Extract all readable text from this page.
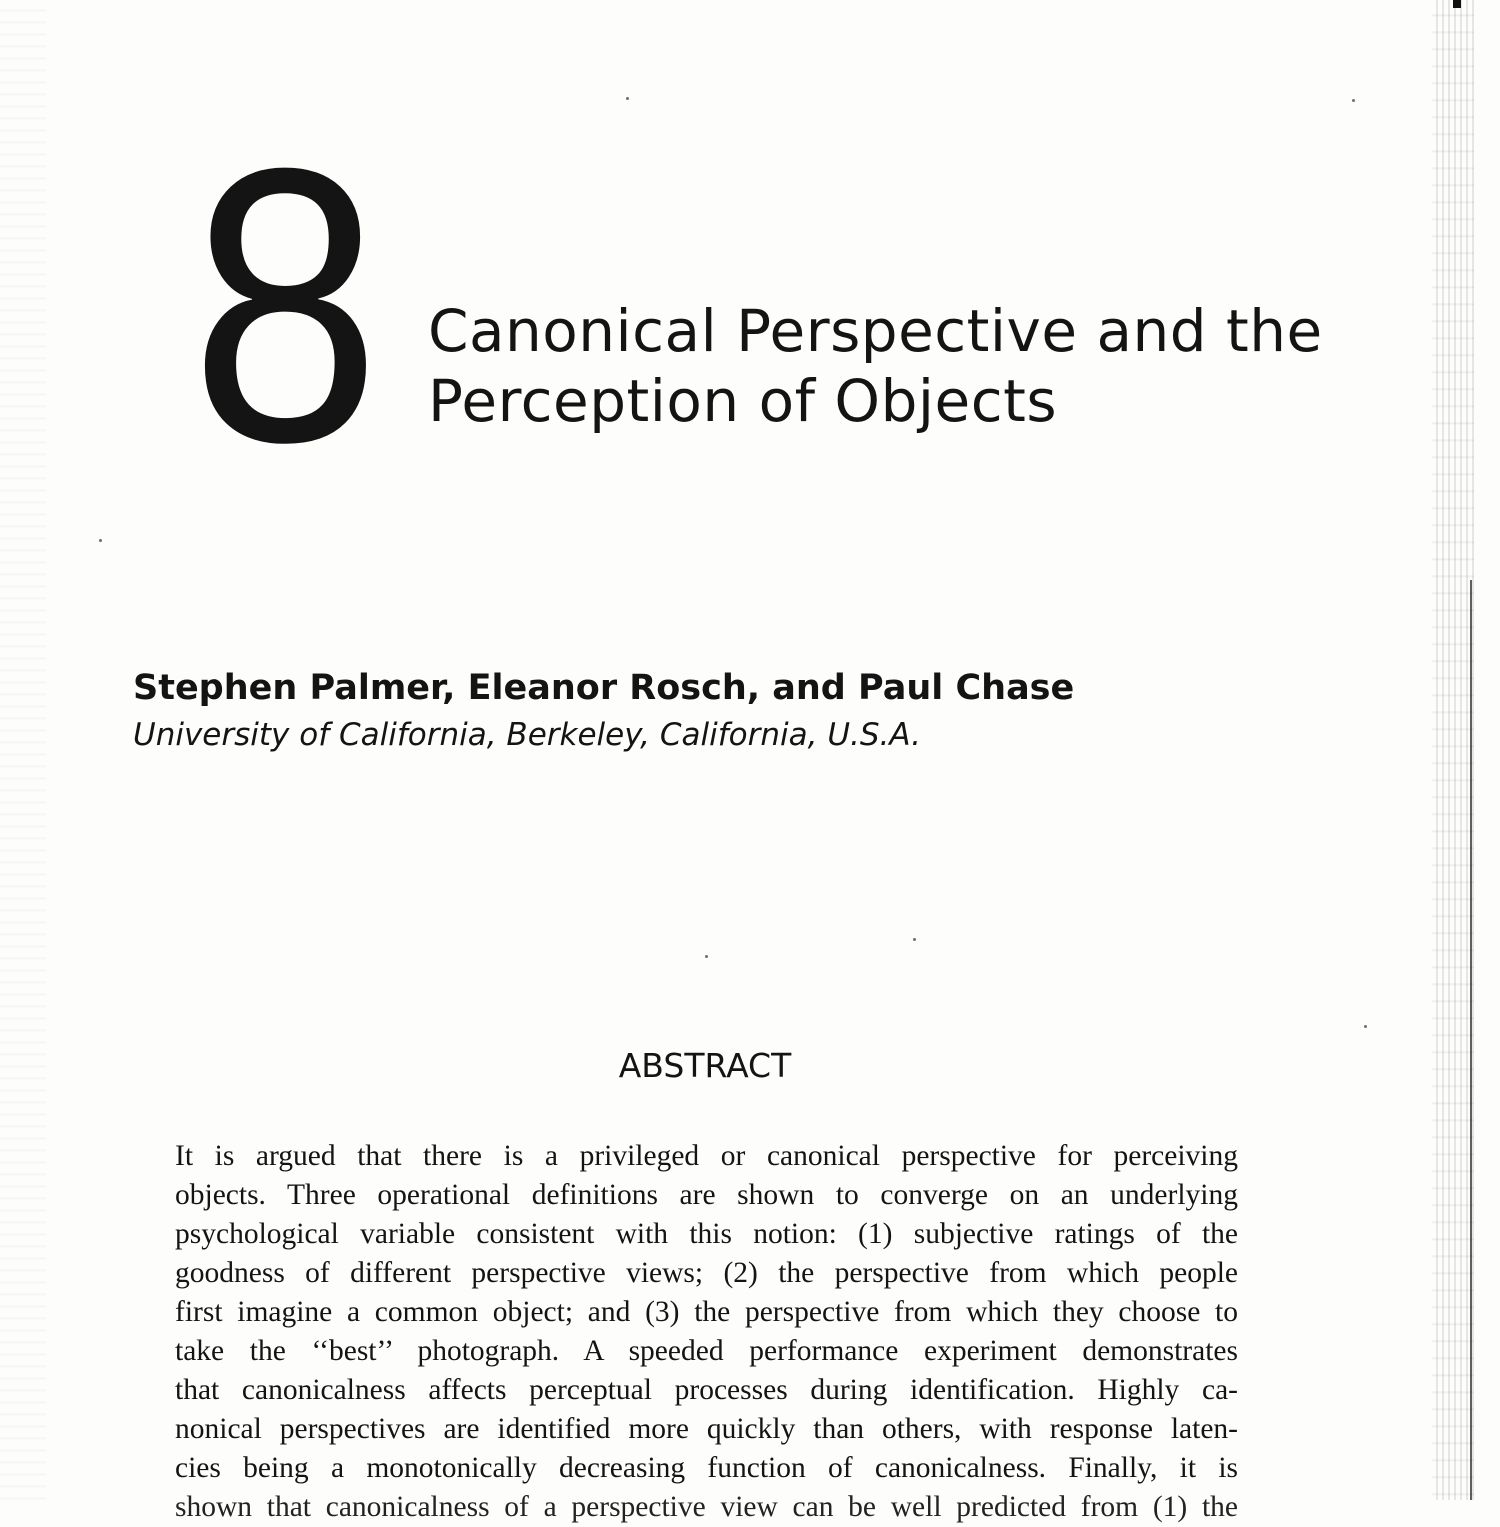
8 Canonical Perspective and the
Perception of Objects
Stephen Palmer, Eleanor Rosch, and Paul Chase
University of California, Berkeley, California, U.S.A.
ABSTRACT
It is argued that there is a privileged or canonical perspective for perceiving
objects. Three operational definitions are shown to converge on an underlying
psychological variable consistent with this notion: (1) subjective ratings of the
goodness of different perspective views; (2) the perspective from which people
first imagine a common object; and (3) the perspective from which they choose to
take the ‘‘best’’ photograph. A speeded performance experiment demonstrates
that canonicalness affects perceptual processes during identification. Highly ca-
nonical perspectives are identified more quickly than others, with response laten-
cies being a monotonically decreasing function of canonicalness. Finally, it is
shown that canonicalness of a perspective view can be well predicted from (1) the
